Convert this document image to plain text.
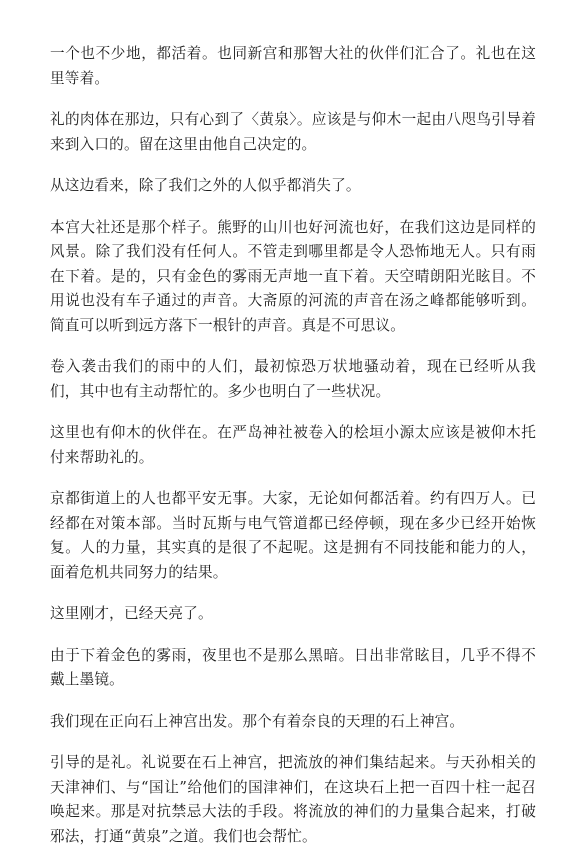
一个也不少地，都活着。也同新宫和那智大社的伙伴们汇合了。礼也在这里等着。

礼的肉体在那边，只有心到了〈黄泉〉。应该是与仰木一起由八咫鸟引导着来到入口的。留在这里由他自己决定的。

从这边看来，除了我们之外的人似乎都消失了。

本宫大社还是那个样子。熊野的山川也好河流也好，在我们这边是同样的风景。除了我们没有任何人。不管走到哪里都是令人恐怖地无人。只有雨在下着。是的，只有金色的雾雨无声地一直下着。天空晴朗阳光眩目。不用说也没有车子通过的声音。大斋原的河流的声音在汤之峰都能够听到。简直可以听到远方落下一根针的声音。真是不可思议。

卷入袭击我们的雨中的人们，最初惊恐万状地骚动着，现在已经听从我们，其中也有主动帮忙的。多少也明白了一些状况。

这里也有仰木的伙伴在。在严岛神社被卷入的桧垣小源太应该是被仰木托付来帮助礼的。

京都街道上的人也都平安无事。大家，无论如何都活着。约有四万人。已经都在对策本部。当时瓦斯与电气管道都已经停顿，现在多少已经开始恢复。人的力量，其实真的是很了不起呢。这是拥有不同技能和能力的人，面着危机共同努力的结果。

这里刚才，已经天亮了。

由于下着金色的雾雨，夜里也不是那么黑暗。日出非常眩目，几乎不得不戴上墨镜。

我们现在正向石上神宫出发。那个有着奈良的天理的石上神宫。

引导的是礼。礼说要在石上神宫，把流放的神们集结起来。与天孙相关的天津神们、与“国让”给他们的国津神们，在这块石上把一百四十柱一起召唤起来。那是对抗禁忌大法的手段。将流放的神们的力量集合起来，打破邪法，打通“黄泉”之道。我们也会帮忙。
